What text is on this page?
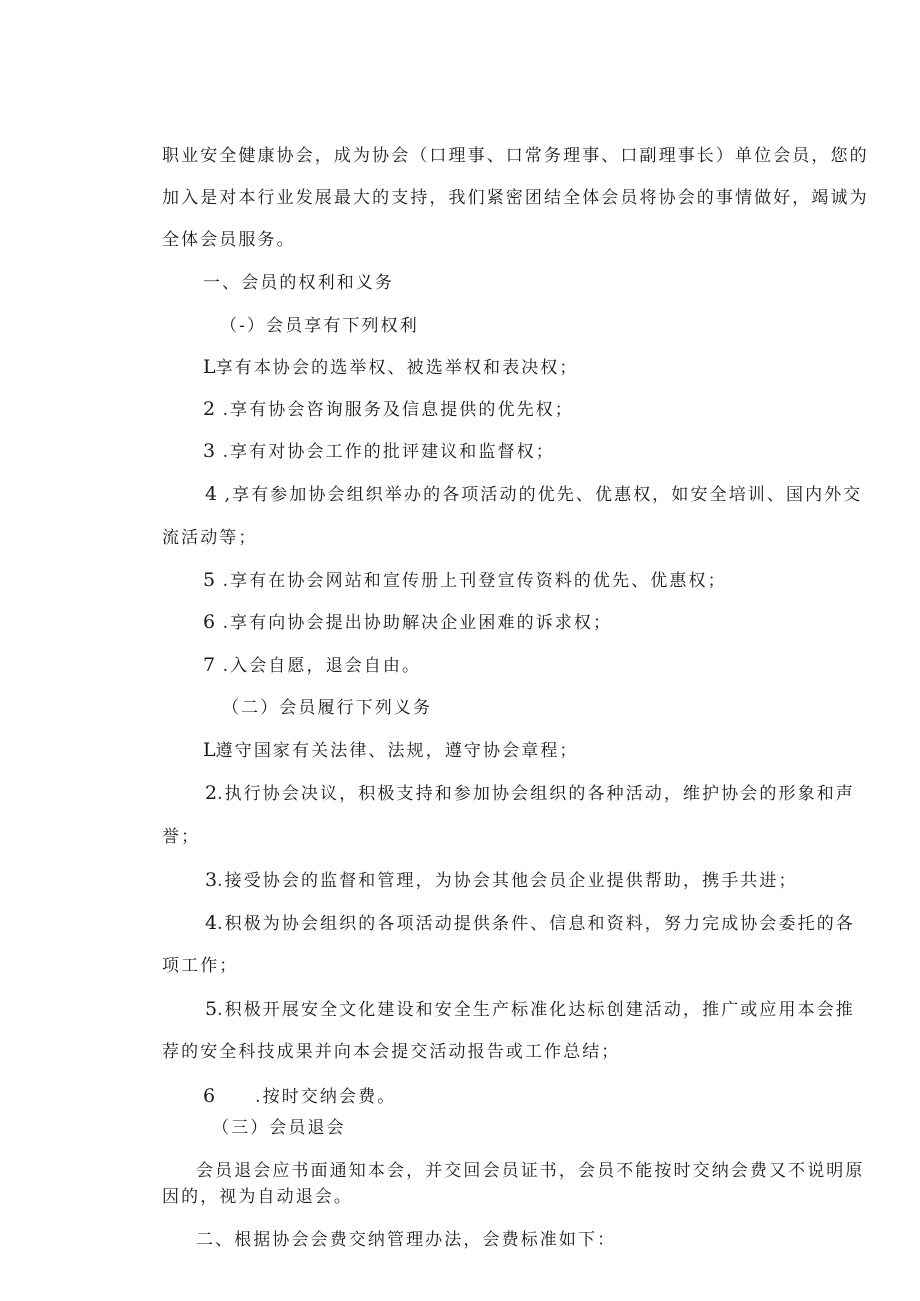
职业安全健康协会，成为协会（口理事、口常务理事、口副理事长）单位会员，您的
加入是对本行业发展最大的支持，我们紧密团结全体会员将协会的事情做好，竭诚为
全体会员服务。
一、会员的权利和义务
（-）会员享有下列权利
L享有本协会的选举权、被选举权和表决权；
2 .享有协会咨询服务及信息提供的优先权；
3 .享有对协会工作的批评建议和监督权；
4 ,享有参加协会组织举办的各项活动的优先、优惠权，如安全培训、国内外交
流活动等；
5 .享有在协会网站和宣传册上刊登宣传资料的优先、优惠权；
6 .享有向协会提出协助解决企业困难的诉求权；
7 .入会自愿，退会自由。
（二）会员履行下列义务
L遵守国家有关法律、法规，遵守协会章程；
2.执行协会决议，积极支持和参加协会组织的各种活动，维护协会的形象和声
誉；
3.接受协会的监督和管理，为协会其他会员企业提供帮助，携手共进；
4.积极为协会组织的各项活动提供条件、信息和资料，努力完成协会委托的各
项工作；
5.积极开展安全文化建设和安全生产标准化达标创建活动，推广或应用本会推
荐的安全科技成果并向本会提交活动报告或工作总结；
6 .按时交纳会费。
（三）会员退会
会员退会应书面通知本会，并交回会员证书，会员不能按时交纳会费又不说明原
因的，视为自动退会。
二、根据协会会费交纳管理办法，会费标准如下：
